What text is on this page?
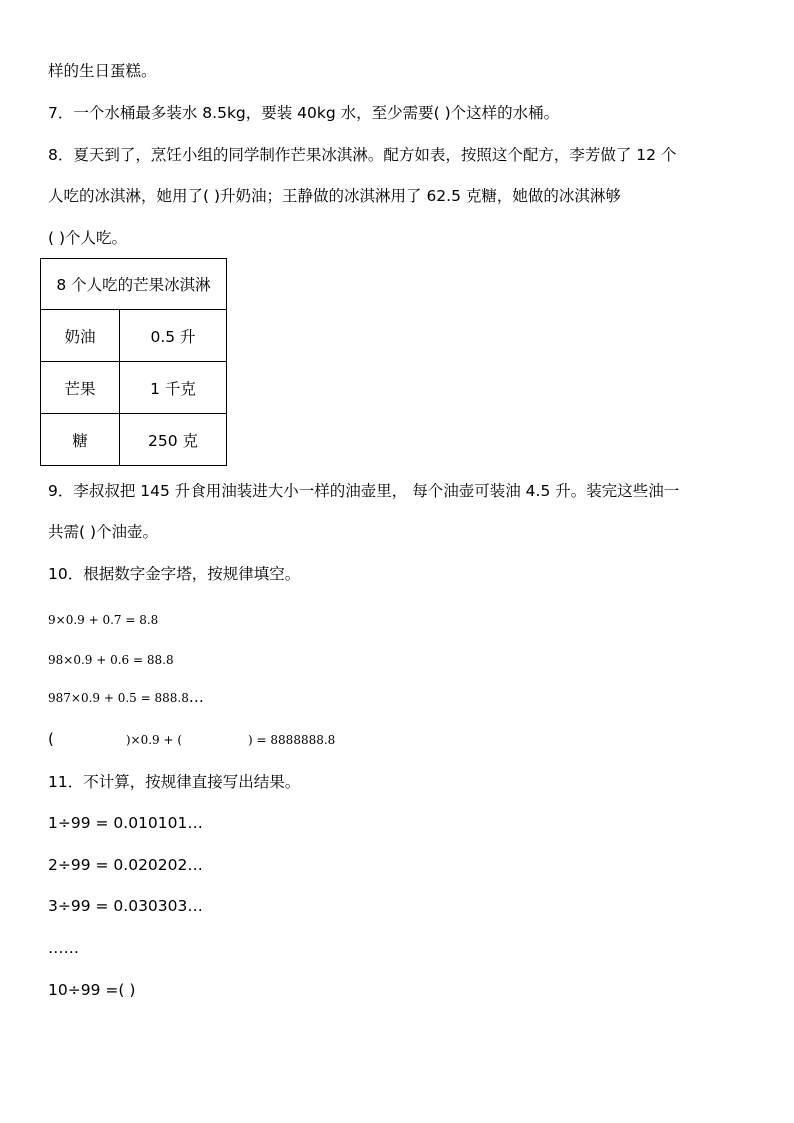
样的生日蛋糕。
7．一个水桶最多装水 8.5kg，要装 40kg 水，至少需要( )个这样的水桶。
8．夏天到了，烹饪小组的同学制作芒果冰淇淋。配方如表，按照这个配方，李芳做了 12 个
人吃的冰淇淋，她用了( )升奶油；王静做的冰淇淋用了 62.5 克糖，她做的冰淇淋够
( )个人吃。
8 个人吃的芒果冰淇淋	
奶油	0.5 升
芒果	1 千克
糖	250 克
9．李叔叔把 145 升食用油装进大小一样的油壶里， 每个油壶可装油 4.5 升。装完这些油一
共需( )个油壶。
10．根据数字金字塔，按规律填空。
9×0.9 + 0.7 = 8.8
98×0.9 + 0.6 = 88.8
987×0.9 + 0.5 = 888.8…
(	)×0.9 + (	) = 8888888.8
11．不计算，按规律直接写出结果。
1÷99 = 0.010101…
2÷99 = 0.020202…
3÷99 = 0.030303…
……
10÷99 =( )
